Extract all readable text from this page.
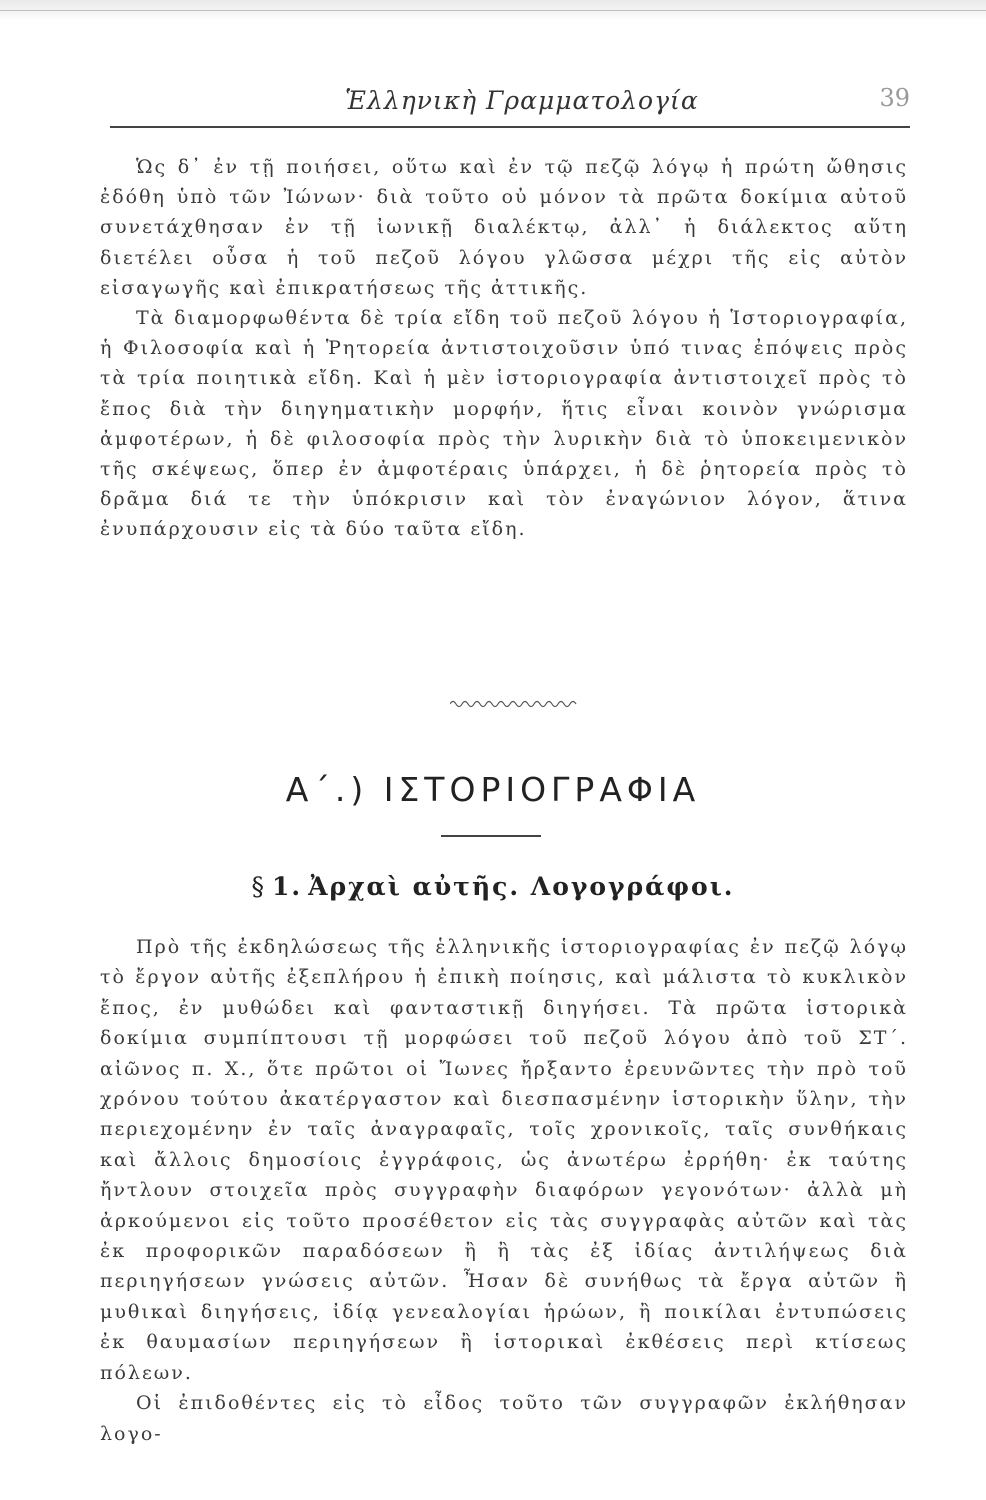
Ἑλληνικὴ Γραμματολογία	39

Ὡς δ᾽ ἐν τῇ ποιήσει, οὕτω καὶ ἐν τῷ πεζῷ λόγῳ ἡ πρώτη ὤθησις ἐδόθη ὑπὸ τῶν Ἰώνων· διὰ τοῦτο οὐ μόνον τὰ πρῶτα δοκίμια αὐτοῦ συνετάχθησαν ἐν τῇ ἰωνικῇ διαλέκτῳ, ἀλλ᾽ ἡ διάλεκτος αὕτη διετέλει οὖσα ἡ τοῦ πεζοῦ λόγου γλῶσσα μέχρι τῆς εἰς αὐτὸν εἰσαγωγῆς καὶ ἐπικρατήσεως τῆς ἀττικῆς.

Τὰ διαμορφωθέντα δὲ τρία εἴδη τοῦ πεζοῦ λόγου ἡ Ἱστοριογραφία, ἡ Φιλοσοφία καὶ ἡ Ῥητορεία ἀντιστοιχοῦσιν ὑπό τινας ἐπόψεις πρὸς τὰ τρία ποιητικὰ εἴδη. Καὶ ἡ μὲν ἱστοριογραφία ἀντιστοιχεῖ πρὸς τὸ ἔπος διὰ τὴν διηγηματικὴν μορφήν, ἥτις εἶναι κοινὸν γνώρισμα ἀμφοτέρων, ἡ δὲ φιλοσοφία πρὸς τὴν λυρικὴν διὰ τὸ ὑποκειμενικὸν τῆς σκέψεως, ὅπερ ἐν ἀμφοτέραις ὑπάρχει, ἡ δὲ ῥητορεία πρὸς τὸ δρᾶμα διά τε τὴν ὑπόκρισιν καὶ τὸν ἐναγώνιον λόγον, ἅτινα ἐνυπάρχουσιν εἰς τὰ δύο ταῦτα εἴδη.

Α΄.) ΙΣΤΟΡΙΟΓΡΑΦΙΑ
§ 1. Ἀρχαὶ αὐτῆς. Λογογράφοι.

Πρὸ τῆς ἐκδηλώσεως τῆς ἑλληνικῆς ἱστοριογραφίας ἐν πεζῷ λόγῳ τὸ ἔργον αὐτῆς ἐξεπλήρου ἡ ἐπικὴ ποίησις, καὶ μάλιστα τὸ κυκλικὸν ἔπος, ἐν μυθώδει καὶ φανταστικῇ διηγήσει. Τὰ πρῶτα ἱστορικὰ δοκίμια συμπίπτουσι τῇ μορφώσει τοῦ πεζοῦ λόγου ἀπὸ τοῦ ΣΤ΄. αἰῶνος π. Χ., ὅτε πρῶτοι οἱ Ἴωνες ἤρξαντο ἐρευνῶντες τὴν πρὸ τοῦ χρόνου τούτου ἀκατέργαστον καὶ διεσπασμένην ἱστορικὴν ὕλην, τὴν περιεχομένην ἐν ταῖς ἀναγραφαῖς, τοῖς χρονικοῖς, ταῖς συνθήκαις καὶ ἄλλοις δημοσίοις ἐγγράφοις, ὡς ἀνωτέρω ἐρρήθη· ἐκ ταύτης ἤντλουν στοιχεῖα πρὸς συγγραφὴν διαφόρων γεγονότων· ἀλλὰ μὴ ἀρκούμενοι εἰς τοῦτο προσέθετον εἰς τὰς συγγραφὰς αὐτῶν καὶ τὰς ἐκ προφορικῶν παραδόσεων ἢ ἢ τὰς ἐξ ἰδίας ἀντιλήψεως διὰ περιηγήσεων γνώσεις αὐτῶν. Ἦσαν δὲ συνήθως τὰ ἔργα αὐτῶν ἢ μυθικαὶ διηγήσεις, ἰδίᾳ γενεαλογίαι ἡρώων, ἢ ποικίλαι ἐντυπώσεις ἐκ θαυμασίων περιηγήσεων ἢ ἱστορικαὶ ἐκθέσεις περὶ κτίσεως πόλεων.

Οἱ ἐπιδοθέντες εἰς τὸ εἶδος τοῦτο τῶν συγγραφῶν ἐκλήθησαν λογο-
